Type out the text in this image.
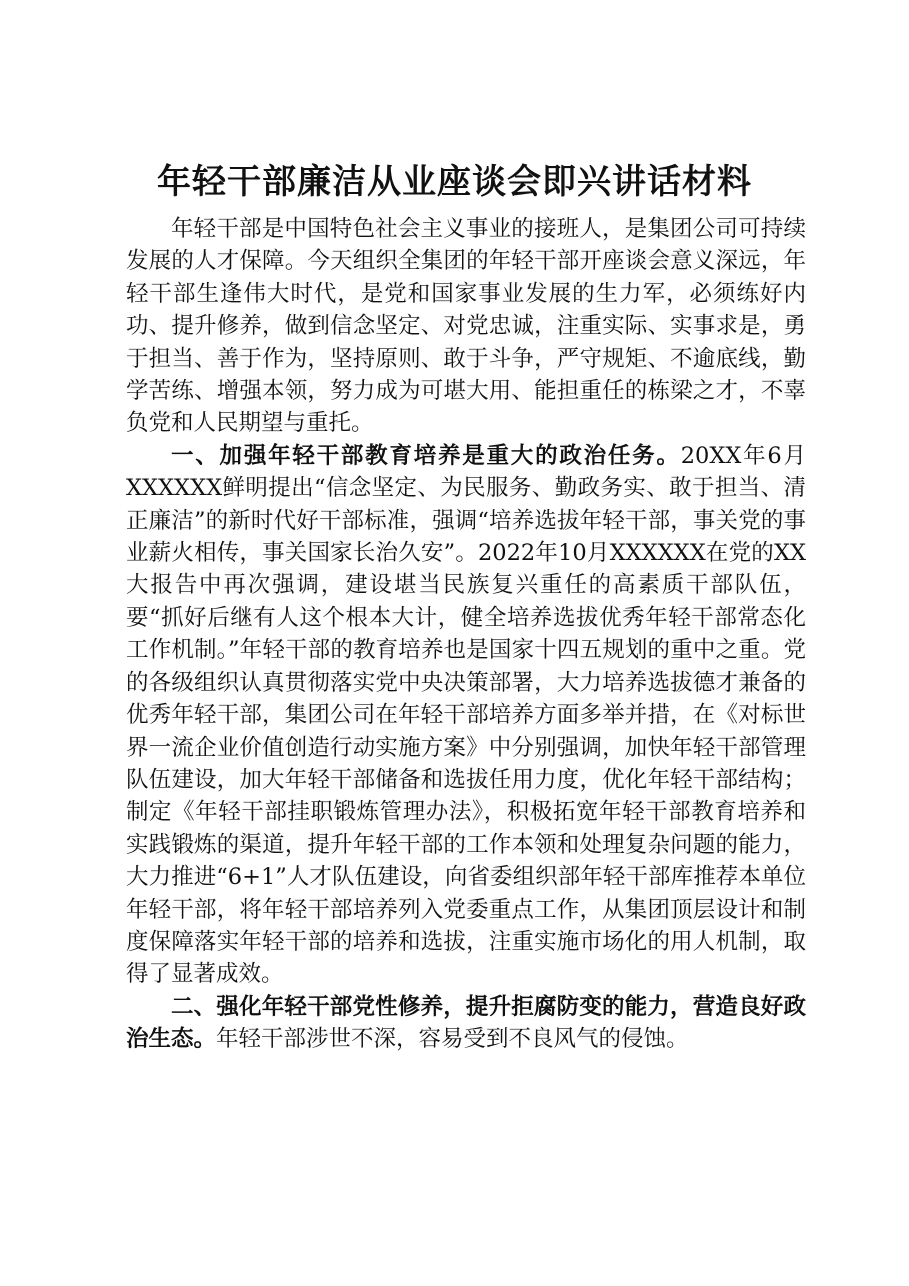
年轻干部廉洁从业座谈会即兴讲话材料

年轻干部是中国特色社会主义事业的接班人，是集团公司可持续发展的人才保障。今天组织全集团的年轻干部开座谈会意义深远，年轻干部生逢伟大时代，是党和国家事业发展的生力军，必须练好内功、提升修养，做到信念坚定、对党忠诚，注重实际、实事求是，勇于担当、善于作为，坚持原则、敢于斗争，严守规矩、不逾底线，勤学苦练、增强本领，努力成为可堪大用、能担重任的栋梁之才，不辜负党和人民期望与重托。

一、加强年轻干部教育培养是重大的政治任务。20XX年6月XXXXXX鲜明提出“信念坚定、为民服务、勤政务实、敢于担当、清正廉洁”的新时代好干部标准，强调“培养选拔年轻干部，事关党的事业薪火相传，事关国家长治久安”。2022年10月XXXXXX在党的XX大报告中再次强调，建设堪当民族复兴重任的高素质干部队伍，要“抓好后继有人这个根本大计，健全培养选拔优秀年轻干部常态化工作机制。”年轻干部的教育培养也是国家十四五规划的重中之重。党的各级组织认真贯彻落实党中央决策部署，大力培养选拔德才兼备的优秀年轻干部，集团公司在年轻干部培养方面多举并措，在《对标世界一流企业价值创造行动实施方案》中分别强调，加快年轻干部管理队伍建设，加大年轻干部储备和选拔任用力度，优化年轻干部结构；制定《年轻干部挂职锻炼管理办法》，积极拓宽年轻干部教育培养和实践锻炼的渠道，提升年轻干部的工作本领和处理复杂问题的能力，大力推进“6+1”人才队伍建设，向省委组织部年轻干部库推荐本单位年轻干部，将年轻干部培养列入党委重点工作，从集团顶层设计和制度保障落实年轻干部的培养和选拔，注重实施市场化的用人机制，取得了显著成效。

二、强化年轻干部党性修养，提升拒腐防变的能力，营造良好政治生态。年轻干部涉世不深，容易受到不良风气的侵蚀。
